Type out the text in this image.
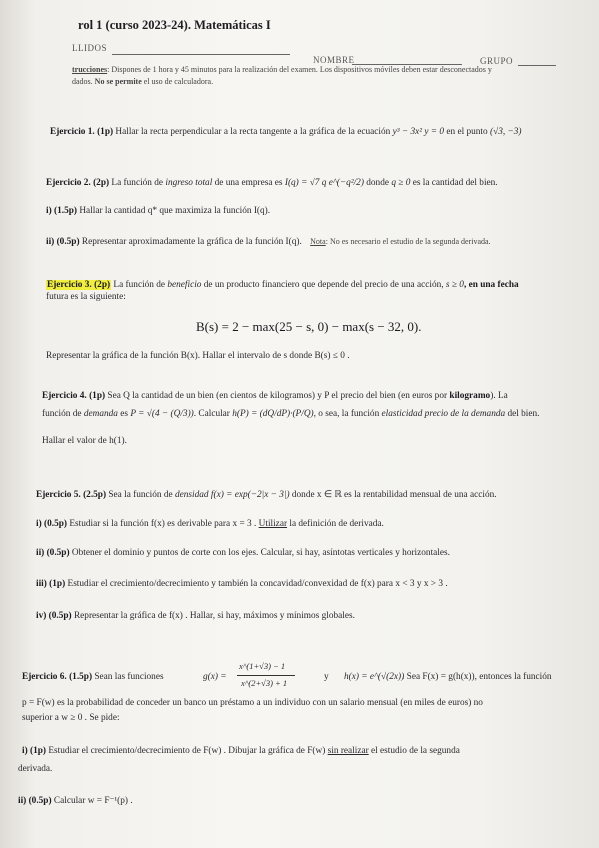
rol 1 (curso 2023-24). Matemáticas I
LLIDOS
NOMBRE	GRUPO
trucciones: Dispones de 1 hora y 45 minutos para la realización del examen. Los dispositivos móviles deben estar desconectados y
dados. No se permite el uso de calculadora.
Ejercicio 1. (1p) Hallar la recta perpendicular a la recta tangente a la gráfica de la ecuación y³ − 3x² y = 0 en el punto (√3, −3)
Ejercicio 2. (2p) La función de ingreso total de una empresa es I(q) = √7 q e^(−q²/2) donde q ≥ 0 es la cantidad del bien.
i) (1.5p) Hallar la cantidad q* que maximiza la función I(q).
ii) (0.5p) Representar aproximadamente la gráfica de la función I(q). Nota: No es necesario el estudio de la segunda derivada.
Ejercicio 3. (2p) La función de beneficio de un producto financiero que depende del precio de una acción, s ≥ 0, en una fecha
futura es la siguiente:
B(s) = 2 − max(25 − s, 0) − max(s − 32, 0).
Representar la gráfica de la función B(x). Hallar el intervalo de s donde B(s) ≤ 0 .
Ejercicio 4. (1p) Sea Q la cantidad de un bien (en cientos de kilogramos) y P el precio del bien (en euros por kilogramo). La
función de demanda es P = √(4 − (Q/3)). Calcular h(P) = (dQ/dP)·(P/Q), o sea, la función elasticidad precio de la demanda del bien.
Hallar el valor de h(1).
Ejercicio 5. (2.5p) Sea la función de densidad f(x) = exp(−2|x − 3|) donde x ∈ ℝ es la rentabilidad mensual de una acción.
i) (0.5p) Estudiar si la función f(x) es derivable para x = 3 . Utilizar la definición de derivada.
ii) (0.5p) Obtener el dominio y puntos de corte con los ejes. Calcular, si hay, asíntotas verticales y horizontales.
iii) (1p) Estudiar el crecimiento/decrecimiento y también la concavidad/convexidad de f(x) para x < 3 y x > 3 .
iv) (0.5p) Representar la gráfica de f(x) . Hallar, si hay, máximos y mínimos globales.
Ejercicio 6. (1.5p) Sean las funciones	g(x) =
x^(1+√3) − 1
x^(2+√3) + 1
y h(x) = e^(√(2x))
. Sea F(x) = g(h(x)), entonces la función
p = F(w) es la probabilidad de conceder un banco un préstamo a un individuo con un salario mensual (en miles de euros) no
superior a w ≥ 0 . Se pide:
i) (1p) Estudiar el crecimiento/decrecimiento de F(w) . Dibujar la gráfica de F(w) sin realizar el estudio de la segunda
derivada.
ii) (0.5p) Calcular w = F⁻¹(p) .
